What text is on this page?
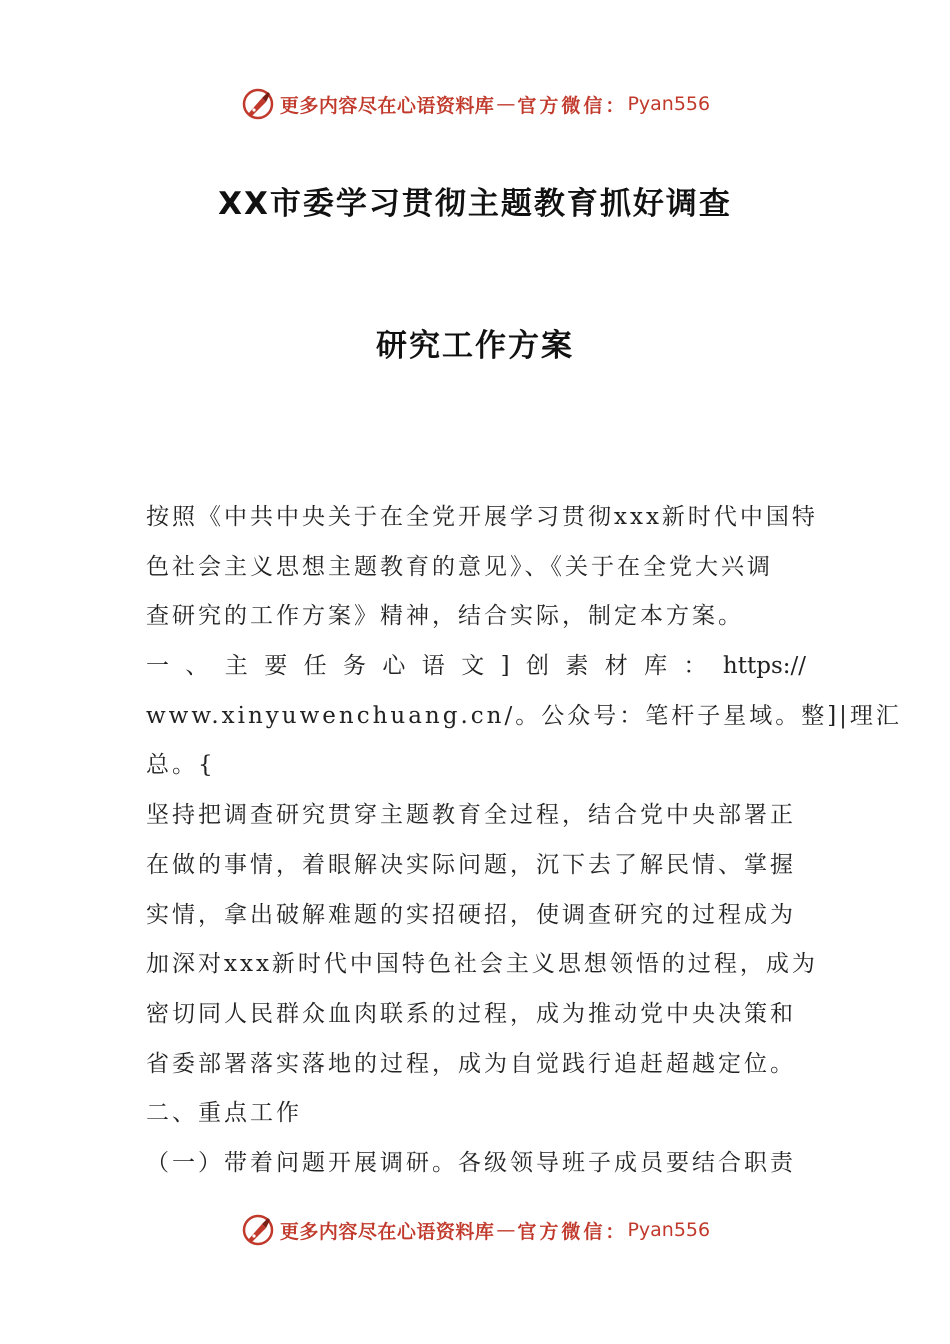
更多内容尽在心语资料库 — 官方微信： Pyan556
XX市委学习贯彻主题教育抓好调查
研究工作方案
按照《中共中央关于在全党开展学习贯彻xxx新时代中国特
色社会主义思想主题教育的意见》、《关于在全党大兴调
查研究的工作方案》精神，结合实际，制定本方案。
一、主要任务心语文]创素材库：https://
www.xinyuwenchuang.cn/。公众号：笔杆子星域。整]|理汇
总。{
坚持把调查研究贯穿主题教育全过程，结合党中央部署正
在做的事情，着眼解决实际问题，沉下去了解民情、掌握
实情，拿出破解难题的实招硬招，使调查研究的过程成为
加深对xxx新时代中国特色社会主义思想领悟的过程，成为
密切同人民群众血肉联系的过程，成为推动党中央决策和
省委部署落实落地的过程，成为自觉践行追赶超越定位。
二、重点工作
（一）带着问题开展调研。各级领导班子成员要结合职责
更多内容尽在心语资料库 — 官方微信： Pyan556
